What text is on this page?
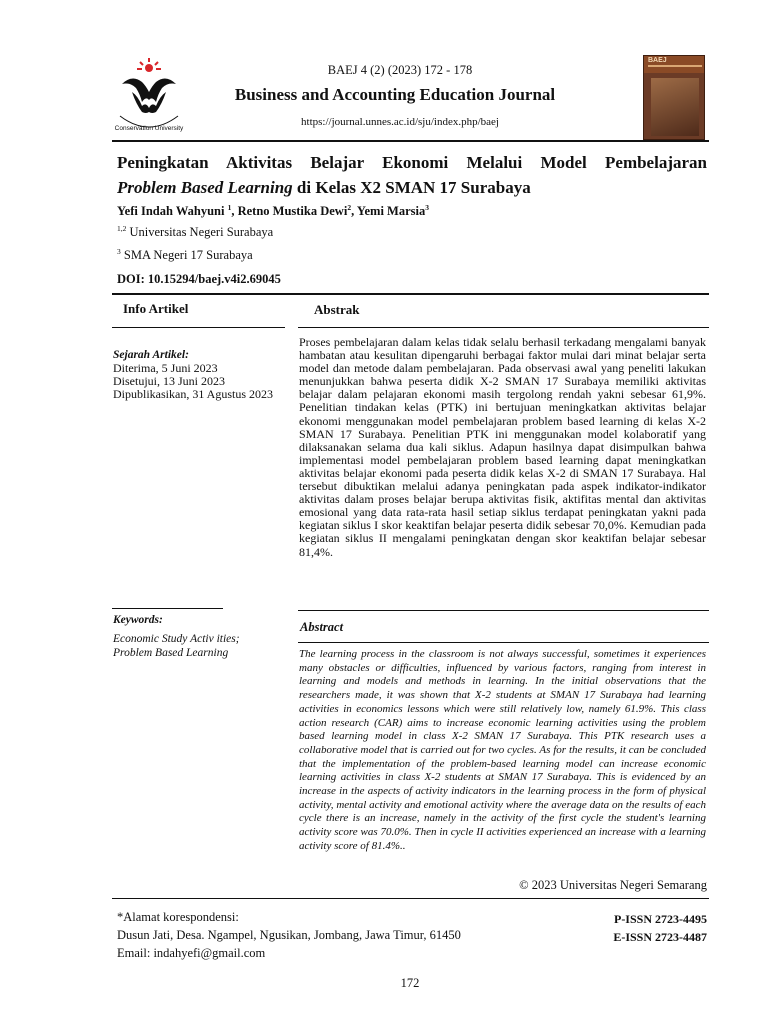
Conservation University
BAEJ 4 (2) (2023) 172 - 178
Business and Accounting Education Journal
https://journal.unnes.ac.id/sju/index.php/baej
BAEJ
Peningkatan Aktivitas Belajar Ekonomi Melalui Model Pembelajaran
Problem Based Learning di Kelas X2 SMAN 17 Surabaya
Yefi Indah Wahyuni $^1$, Retno Mustika Dewi$^2$, Yemi Marsia$^3$
$^{1,2}$ Universitas Negeri Surabaya
$^3$ SMA Negeri 17 Surabaya
DOI: 10.15294/baej.v4i2.69045
Info Artikel	Abstrak
Sejarah Artikel:
Diterima, 5 Juni 2023
Disetujui, 13 Juni 2023
Dipublikasikan, 31 Agustus 2023
Proses pembelajaran dalam kelas tidak selalu berhasil terkadang mengalami banyak hambatan atau kesulitan dipengaruhi berbagai faktor mulai dari minat belajar serta model dan metode dalam pembelajaran. Pada observasi awal yang peneliti lakukan menunjukkan bahwa peserta didik X-2 SMAN 17 Surabaya memiliki aktivitas belajar dalam pelajaran ekonomi masih tergolong rendah yakni sebesar 61,9%. Penelitian tindakan kelas (PTK) ini bertujuan meningkatkan aktivitas belajar ekonomi menggunakan model pembelajaran problem based learning di kelas X-2 SMAN 17 Surabaya. Penelitian PTK ini menggunakan model kolaboratif yang dilaksanakan selama dua kali siklus. Adapun hasilnya dapat disimpulkan bahwa implementasi model pembelajaran problem based learning dapat meningkatkan aktivitas belajar ekonomi pada peserta didik kelas X-2 di SMAN 17 Surabaya. Hal tersebut dibuktikan melalui adanya peningkatan pada aspek indikator-indikator aktivitas dalam proses belajar berupa aktivitas fisik, aktifitas mental dan aktivitas emosional yang data rata-rata hasil setiap siklus terdapat peningkatan yakni pada kegiatan siklus I skor keaktifan belajar peserta didik sebesar 70,0%. Kemudian pada kegiatan siklus II mengalami peningkatan dengan skor keaktifan belajar sebesar 81,4%.
Keywords:
Economic Study Activ ities;
Problem Based Learning
Abstract
The learning process in the classroom is not always successful, sometimes it experiences many obstacles or difficulties, influenced by various factors, ranging from interest in learning and models and methods in learning. In the initial observations that the researchers made, it was shown that X-2 students at SMAN 17 Surabaya had learning activities in economics lessons which were still relatively low, namely 61.9%. This class action research (CAR) aims to increase economic learning activities using the problem based learning model in class X-2 SMAN 17 Surabaya. This PTK research uses a collaborative model that is carried out for two cycles. As for the results, it can be concluded that the implementation of the problem-based learning model can increase economic learning activities in class X-2 students at SMAN 17 Surabaya. This is evidenced by an increase in the aspects of activity indicators in the learning process in the form of physical activity, mental activity and emotional activity where the average data on the results of each cycle there is an increase, namely in the activity of the first cycle the student's learning activity score was 70.0%. Then in cycle II activities experienced an increase with a learning activity score of 81.4%..
© 2023 Universitas Negeri Semarang
*Alamat korespondensi:
Dusun Jati, Desa. Ngampel, Ngusikan, Jombang, Jawa Timur, 61450
Email: indahyefi@gmail.com
P-ISSN 2723-4495
E-ISSN 2723-4487
172
